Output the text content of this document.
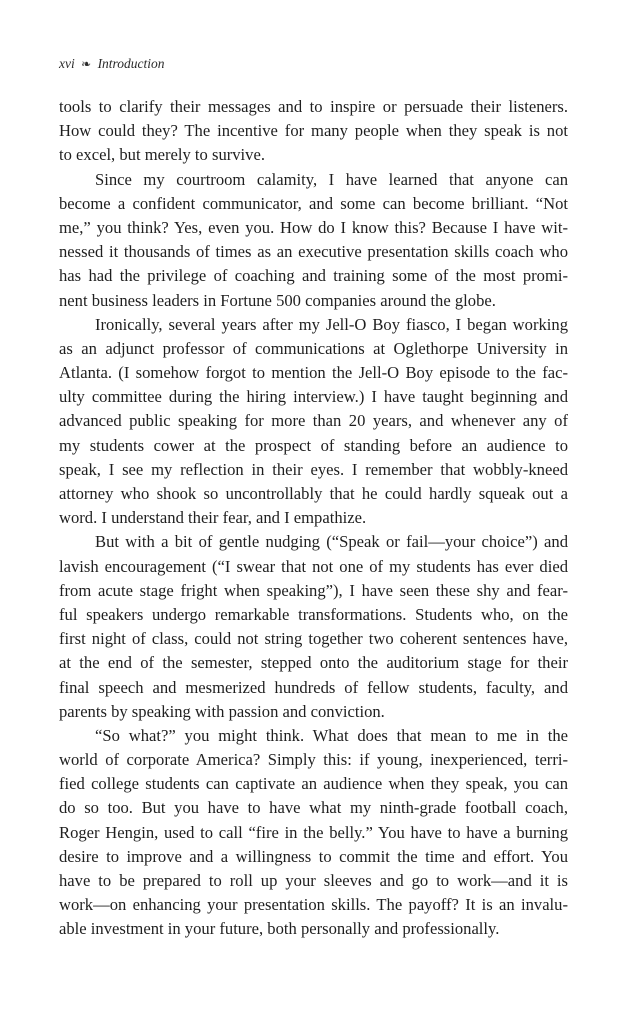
xvi ❧ Introduction
tools to clarify their messages and to inspire or persuade their listeners.
How could they? The incentive for many people when they speak is not
to excel, but merely to survive.
Since my courtroom calamity, I have learned that anyone can
become a confident communicator, and some can become brilliant. “Not
me,” you think? Yes, even you. How do I know this? Because I have wit-
nessed it thousands of times as an executive presentation skills coach who
has had the privilege of coaching and training some of the most promi-
nent business leaders in Fortune 500 companies around the globe.
Ironically, several years after my Jell-O Boy fiasco, I began working
as an adjunct professor of communications at Oglethorpe University in
Atlanta. (I somehow forgot to mention the Jell-O Boy episode to the fac-
ulty committee during the hiring interview.) I have taught beginning and
advanced public speaking for more than 20 years, and whenever any of
my students cower at the prospect of standing before an audience to
speak, I see my reflection in their eyes. I remember that wobbly-kneed
attorney who shook so uncontrollably that he could hardly squeak out a
word. I understand their fear, and I empathize.
But with a bit of gentle nudging (“Speak or fail—your choice”) and
lavish encouragement (“I swear that not one of my students has ever died
from acute stage fright when speaking”), I have seen these shy and fear-
ful speakers undergo remarkable transformations. Students who, on the
first night of class, could not string together two coherent sentences have,
at the end of the semester, stepped onto the auditorium stage for their
final speech and mesmerized hundreds of fellow students, faculty, and
parents by speaking with passion and conviction.
“So what?” you might think. What does that mean to me in the
world of corporate America? Simply this: if young, inexperienced, terri-
fied college students can captivate an audience when they speak, you can
do so too. But you have to have what my ninth-grade football coach,
Roger Hengin, used to call “fire in the belly.” You have to have a burning
desire to improve and a willingness to commit the time and effort. You
have to be prepared to roll up your sleeves and go to work—and it is
work—on enhancing your presentation skills. The payoff? It is an invalu-
able investment in your future, both personally and professionally.
